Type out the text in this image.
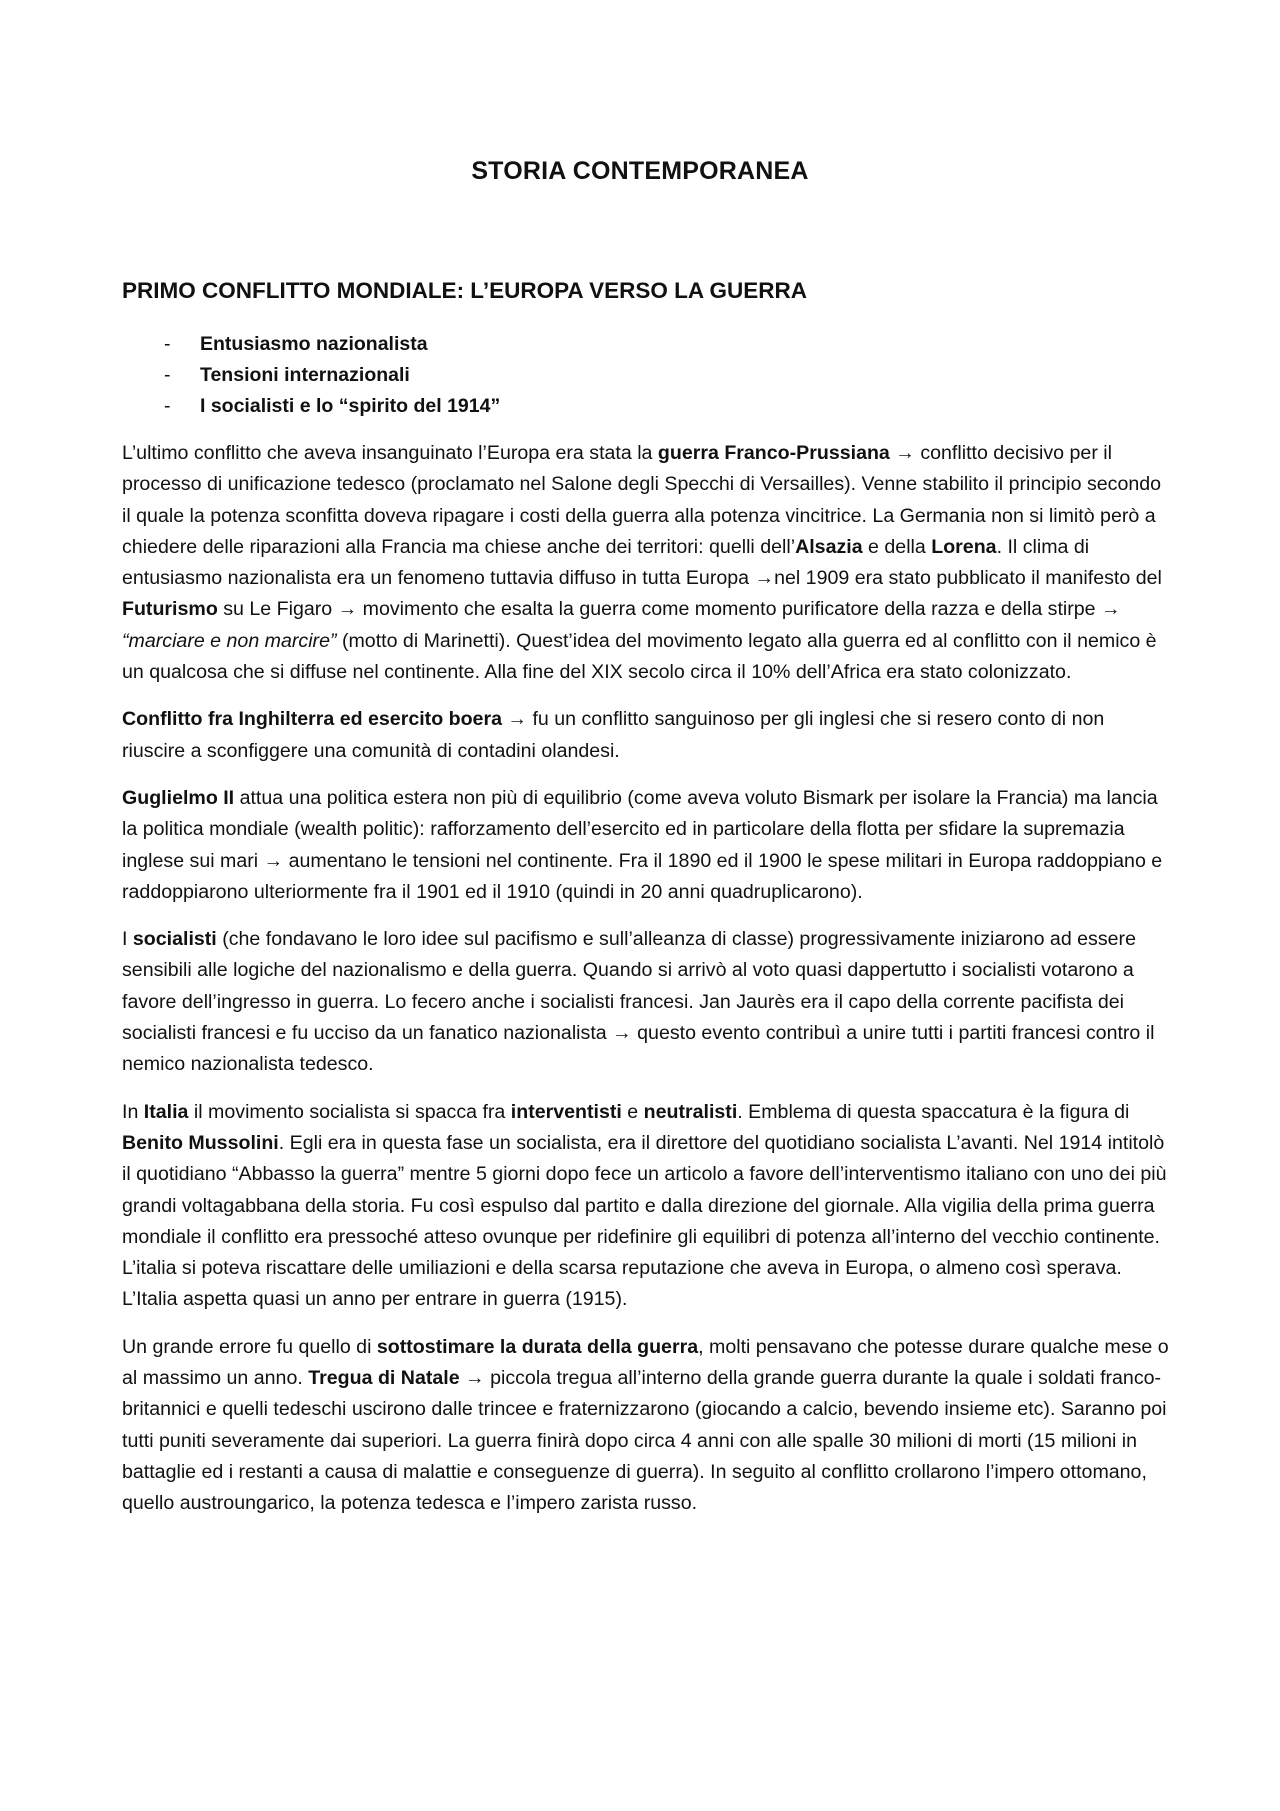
STORIA CONTEMPORANEA
PRIMO CONFLITTO MONDIALE: L’EUROPA VERSO LA GUERRA
- Entusiasmo nazionalista
- Tensioni internazionali
- I socialisti e lo “spirito del 1914”

L’ultimo conflitto che aveva insanguinato l’Europa era stata la guerra Franco-Prussiana → conflitto decisivo per il processo di unificazione tedesco (proclamato nel Salone degli Specchi di Versailles). Venne stabilito il principio secondo il quale la potenza sconfitta doveva ripagare i costi della guerra alla potenza vincitrice. La Germania non si limitò però a chiedere delle riparazioni alla Francia ma chiese anche dei territori: quelli dell’Alsazia e della Lorena. Il clima di entusiasmo nazionalista era un fenomeno tuttavia diffuso in tutta Europa →nel 1909 era stato pubblicato il manifesto del Futurismo su Le Figaro → movimento che esalta la guerra come momento purificatore della razza e della stirpe → “marciare e non marcire” (motto di Marinetti). Quest’idea del movimento legato alla guerra ed al conflitto con il nemico è un qualcosa che si diffuse nel continente. Alla fine del XIX secolo circa il 10% dell’Africa era stato colonizzato.

Conflitto fra Inghilterra ed esercito boera → fu un conflitto sanguinoso per gli inglesi che si resero conto di non riuscire a sconfiggere una comunità di contadini olandesi.

Guglielmo II attua una politica estera non più di equilibrio (come aveva voluto Bismark per isolare la Francia) ma lancia la politica mondiale (wealth politic): rafforzamento dell’esercito ed in particolare della flotta per sfidare la supremazia inglese sui mari → aumentano le tensioni nel continente. Fra il 1890 ed il 1900 le spese militari in Europa raddoppiano e raddoppiarono ulteriormente fra il 1901 ed il 1910 (quindi in 20 anni quadruplicarono).

I socialisti (che fondavano le loro idee sul pacifismo e sull’alleanza di classe) progressivamente iniziarono ad essere sensibili alle logiche del nazionalismo e della guerra. Quando si arrivò al voto quasi dappertutto i socialisti votarono a favore dell’ingresso in guerra. Lo fecero anche i socialisti francesi. Jan Jaurès era il capo della corrente pacifista dei socialisti francesi e fu ucciso da un fanatico nazionalista → questo evento contribuì a unire tutti i partiti francesi contro il nemico nazionalista tedesco.

In Italia il movimento socialista si spacca fra interventisti e neutralisti. Emblema di questa spaccatura è la figura di Benito Mussolini. Egli era in questa fase un socialista, era il direttore del quotidiano socialista L’avanti. Nel 1914 intitolò il quotidiano “Abbasso la guerra” mentre 5 giorni dopo fece un articolo a favore dell’interventismo italiano con uno dei più grandi voltagabbana della storia. Fu così espulso dal partito e dalla direzione del giornale. Alla vigilia della prima guerra mondiale il conflitto era pressoché atteso ovunque per ridefinire gli equilibri di potenza all’interno del vecchio continente. L’italia si poteva riscattare delle umiliazioni e della scarsa reputazione che aveva in Europa, o almeno così sperava. L’Italia aspetta quasi un anno per entrare in guerra (1915).

Un grande errore fu quello di sottostimare la durata della guerra, molti pensavano che potesse durare qualche mese o al massimo un anno. Tregua di Natale → piccola tregua all’interno della grande guerra durante la quale i soldati franco-britannici e quelli tedeschi uscirono dalle trincee e fraternizzarono (giocando a calcio, bevendo insieme etc). Saranno poi tutti puniti severamente dai superiori. La guerra finirà dopo circa 4 anni con alle spalle 30 milioni di morti (15 milioni in battaglie ed i restanti a causa di malattie e conseguenze di guerra). In seguito al conflitto crollarono l’impero ottomano, quello austroungarico, la potenza tedesca e l’impero zarista russo.
